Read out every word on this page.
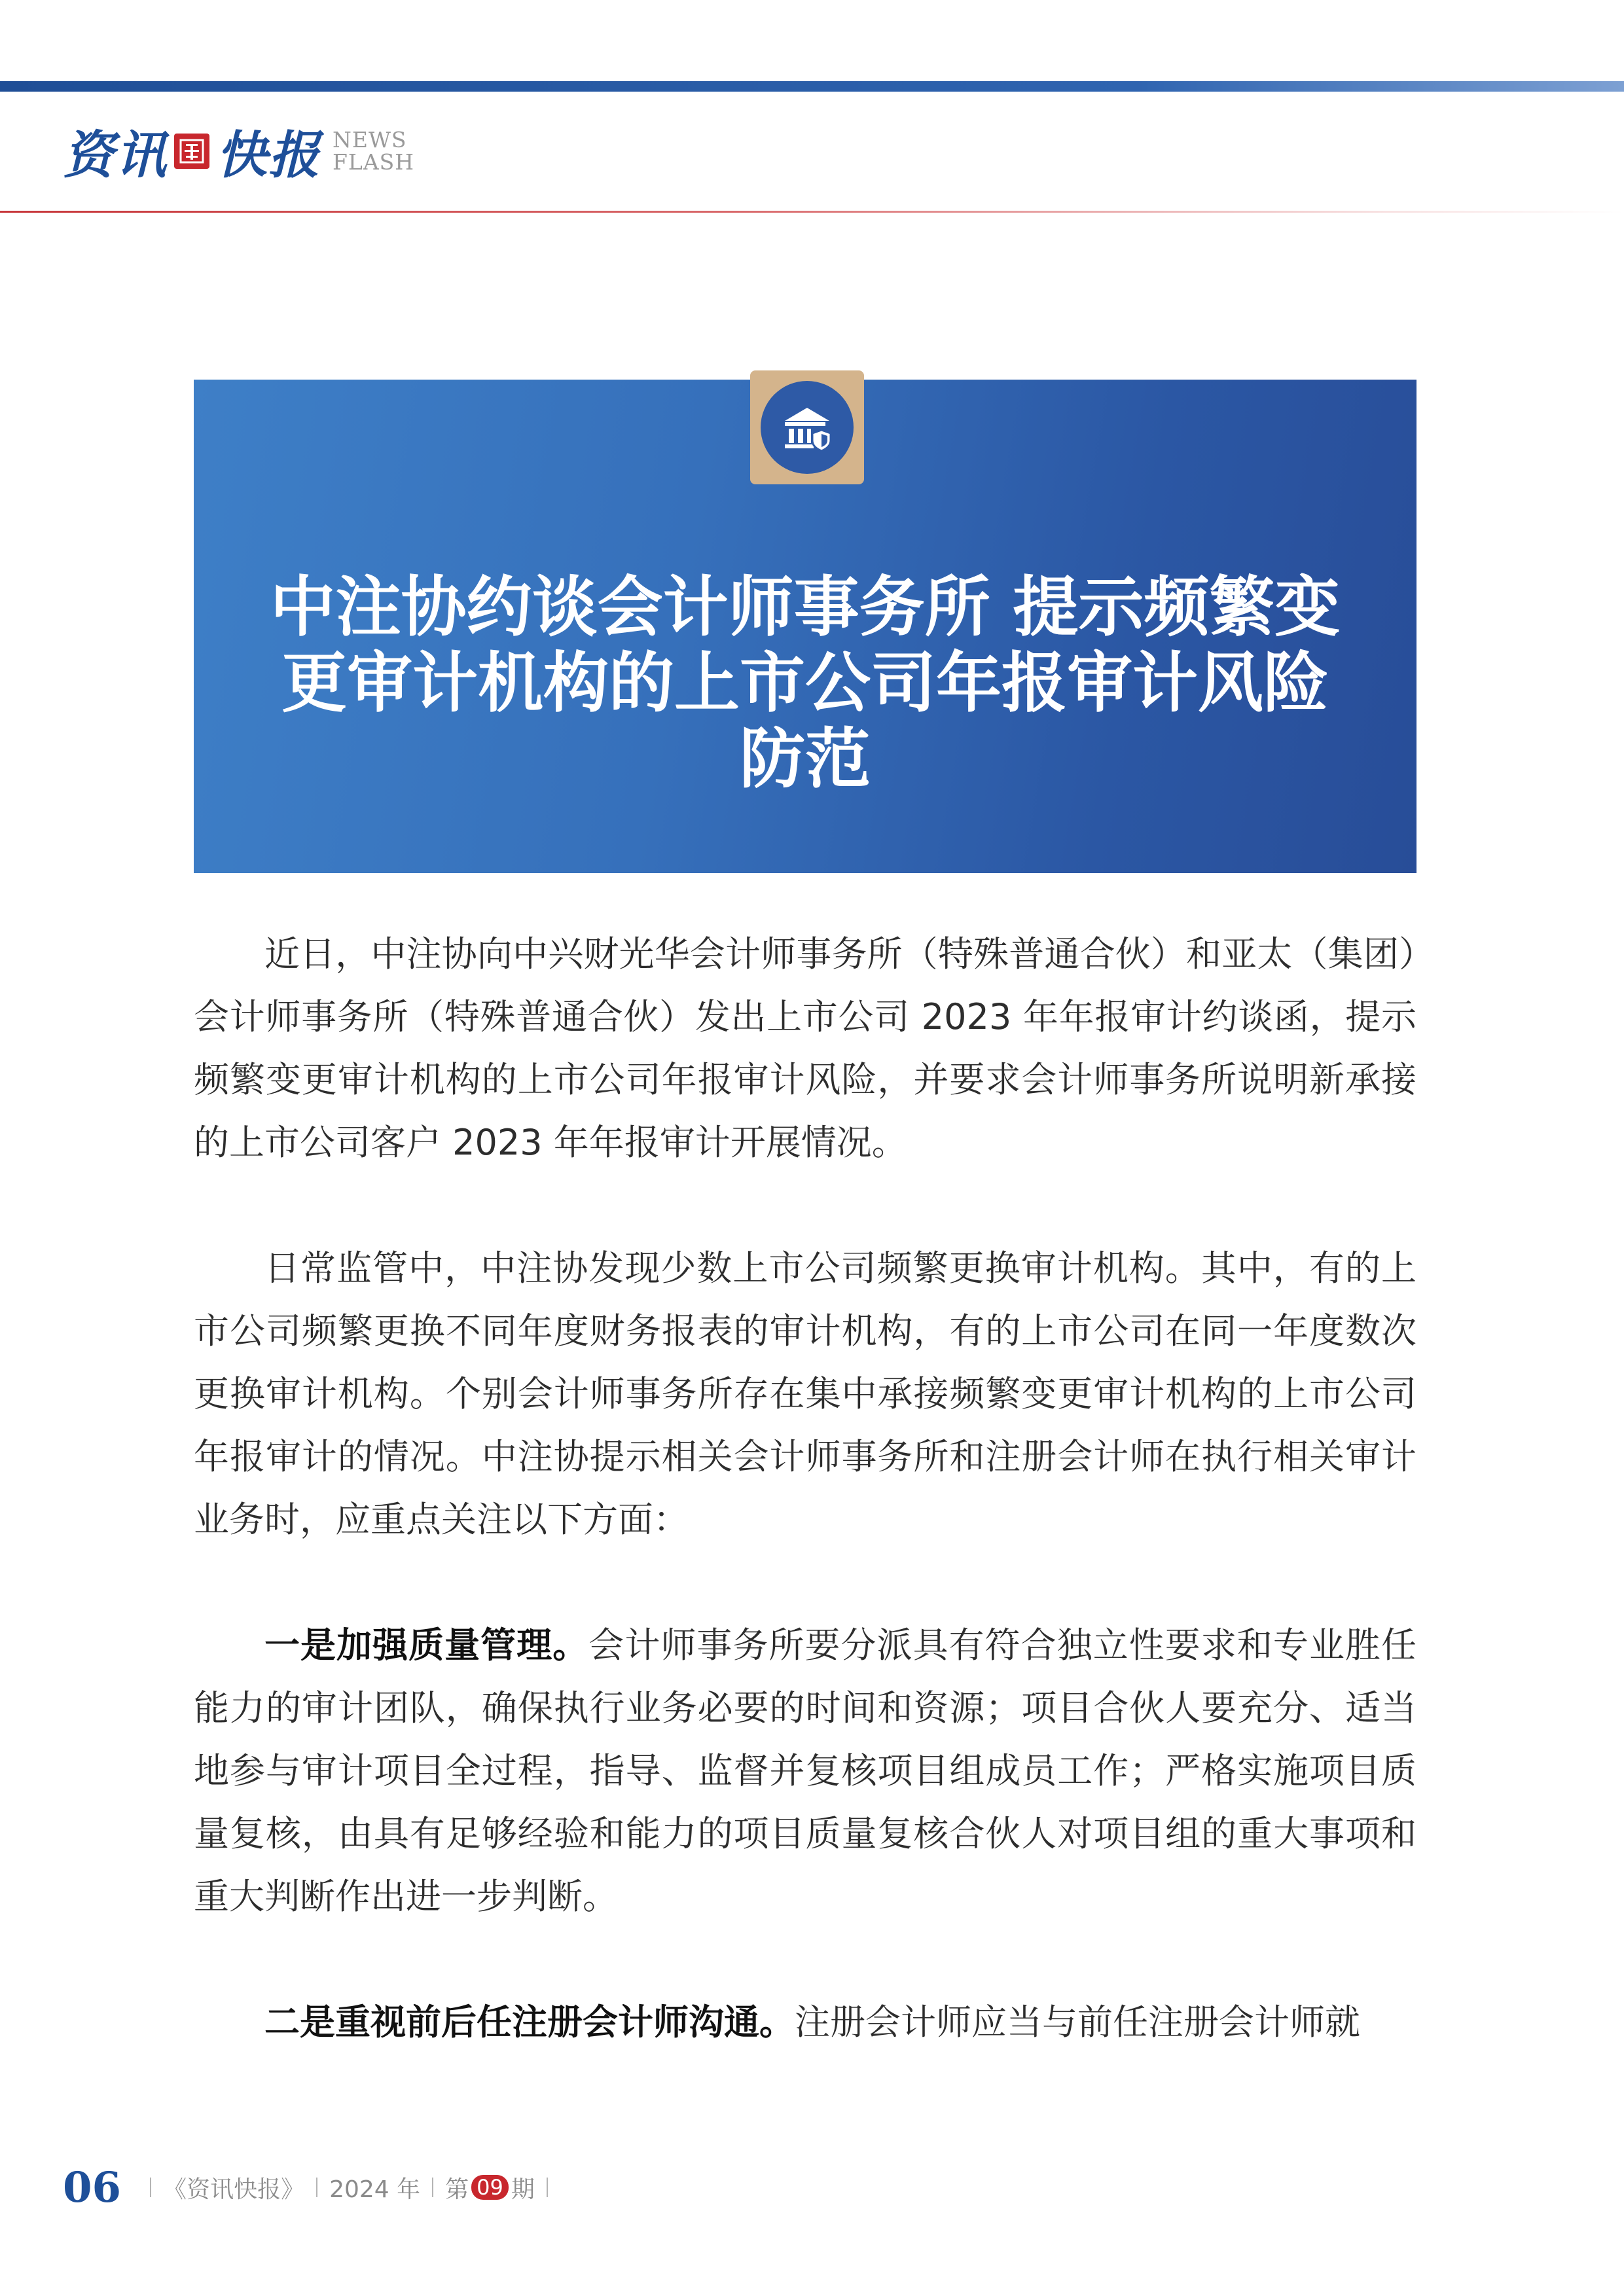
资讯 快报 NEWS
FLASH
中注协约谈会计师事务所 提示频繁变
更审计机构的上市公司年报审计风险
防范

近日，中注协向中兴财光华会计师事务所（特殊普通合伙）和亚太（集团）会计师事务所（特殊普通合伙）发出上市公司 2023 年年报审计约谈函，提示频繁变更审计机构的上市公司年报审计风险，并要求会计师事务所说明新承接的上市公司客户 2023 年年报审计开展情况。

日常监管中，中注协发现少数上市公司频繁更换审计机构。其中，有的上市公司频繁更换不同年度财务报表的审计机构，有的上市公司在同一年度数次更换审计机构。个别会计师事务所存在集中承接频繁变更审计机构的上市公司年报审计的情况。中注协提示相关会计师事务所和注册会计师在执行相关审计业务时，应重点关注以下方面：

一是加强质量管理。会计师事务所要分派具有符合独立性要求和专业胜任能力的审计团队，确保执行业务必要的时间和资源；项目合伙人要充分、适当地参与审计项目全过程，指导、监督并复核项目组成员工作；严格实施项目质量复核，由具有足够经验和能力的项目质量复核合伙人对项目组的重大事项和重大判断作出进一步判断。

二是重视前后任注册会计师沟通。注册会计师应当与前任注册会计师就

06 《资讯快报》 2024 年 第 09 期
